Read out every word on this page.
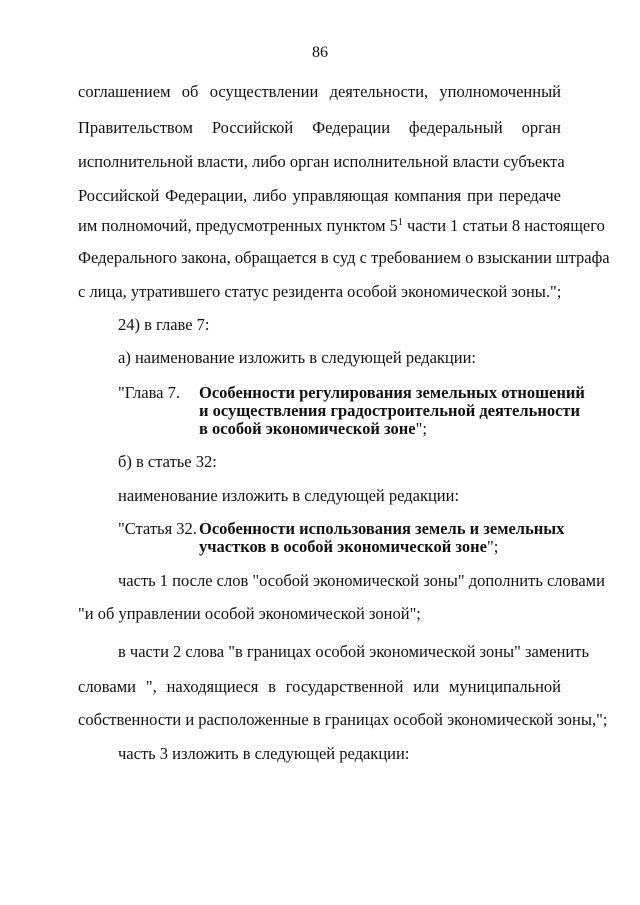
86
соглашением об осуществлении деятельности, уполномоченный
Правительством Российской Федерации федеральный орган
исполнительной власти, либо орган исполнительной власти субъекта
Российской Федерации, либо управляющая компания при передаче
им полномочий, предусмотренных пунктом $5^1$ части 1 статьи 8 настоящего
Федерального закона, обращается в суд с требованием о взыскании штрафа
с лица, утратившего статус резидента особой экономической зоны.";
24) в главе 7:
а) наименование изложить в следующей редакции:
"Глава 7. Особенности регулирования земельных отношений
и осуществления градостроительной деятельности
в особой экономической зоне";
б) в статье 32:
наименование изложить в следующей редакции:
"Статья 32. Особенности использования земель и земельных
участков в особой экономической зоне";
часть 1 после слов "особой экономической зоны" дополнить словами
"и об управлении особой экономической зоной";
в части 2 слова "в границах особой экономической зоны" заменить
словами ", находящиеся в государственной или муниципальной
собственности и расположенные в границах особой экономической зоны,";
часть 3 изложить в следующей редакции:
